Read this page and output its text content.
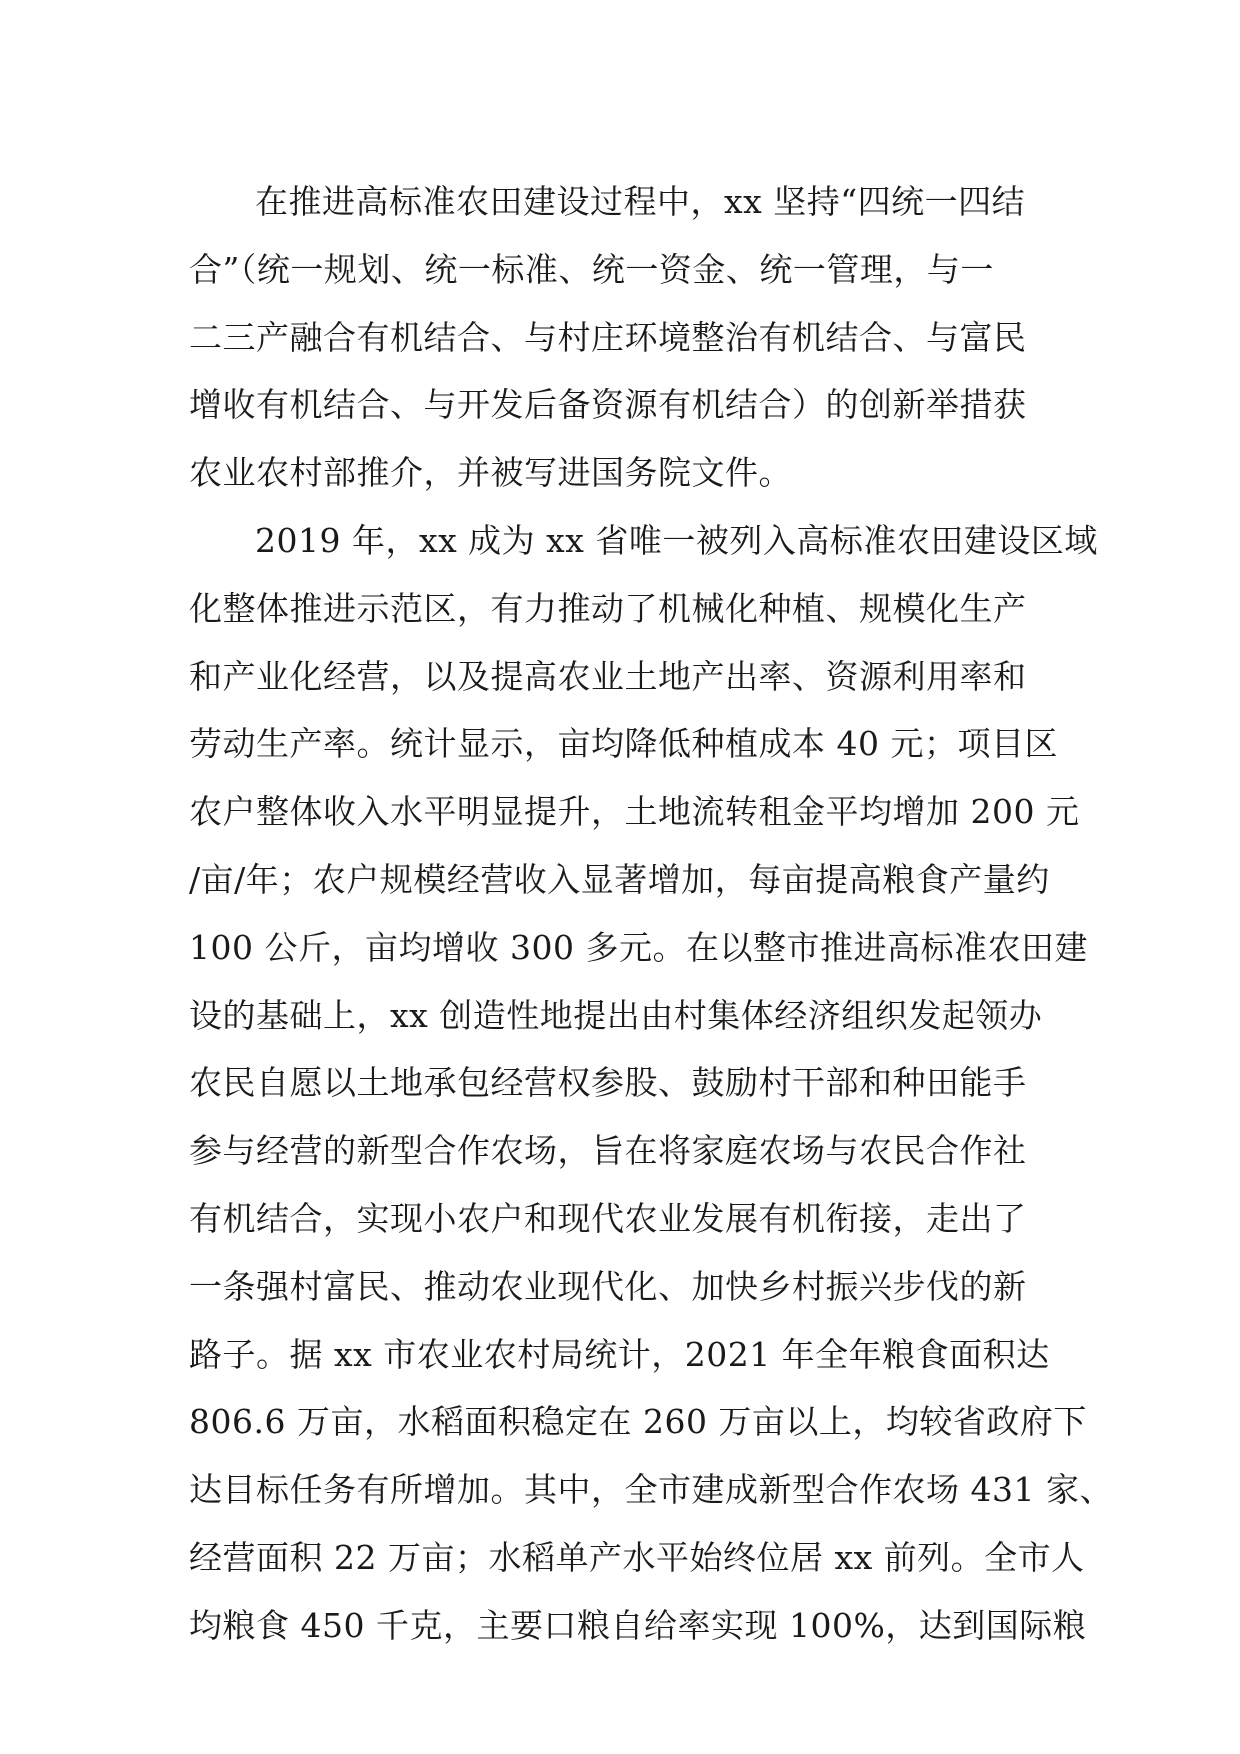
在推进高标准农田建设过程中，xx 坚持“四统一四结
合”（统一规划、统一标准、统一资金、统一管理，与一
二三产融合有机结合、与村庄环境整治有机结合、与富民
增收有机结合、与开发后备资源有机结合）的创新举措获
农业农村部推介，并被写进国务院文件。
2019 年，xx 成为 xx 省唯一被列入高标准农田建设区域
化整体推进示范区，有力推动了机械化种植、规模化生产
和产业化经营，以及提高农业土地产出率、资源利用率和
劳动生产率。统计显示，亩均降低种植成本 40 元；项目区
农户整体收入水平明显提升，土地流转租金平均增加 200 元
/亩/年；农户规模经营收入显著增加，每亩提高粮食产量约
100 公斤，亩均增收 300 多元。在以整市推进高标准农田建
设的基础上，xx 创造性地提出由村集体经济组织发起领办
农民自愿以土地承包经营权参股、鼓励村干部和种田能手
参与经营的新型合作农场，旨在将家庭农场与农民合作社
有机结合，实现小农户和现代农业发展有机衔接，走出了
一条强村富民、推动农业现代化、加快乡村振兴步伐的新
路子。据 xx 市农业农村局统计，2021 年全年粮食面积达
806.6 万亩，水稻面积稳定在 260 万亩以上，均较省政府下
达目标任务有所增加。其中，全市建成新型合作农场 431 家、
经营面积 22 万亩；水稻单产水平始终位居 xx 前列。全市人
均粮食 450 千克，主要口粮自给率实现 100%，达到国际粮
